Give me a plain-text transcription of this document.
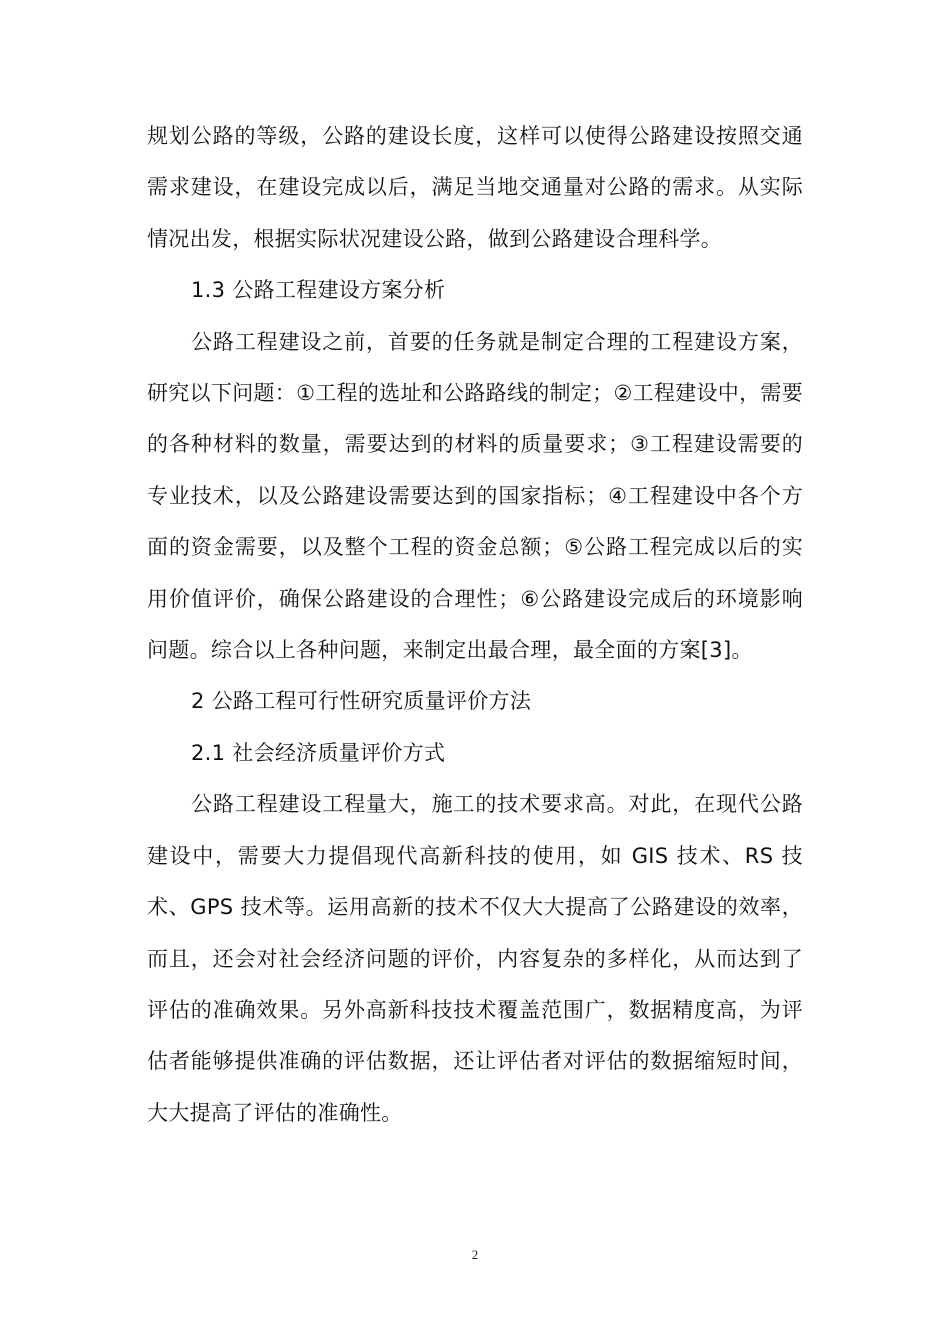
规划公路的等级，公路的建设长度，这样可以使得公路建设按照交通需求建设，在建设完成以后，满足当地交通量对公路的需求。从实际情况出发，根据实际状况建设公路，做到公路建设合理科学。

1.3 公路工程建设方案分析

公路工程建设之前，首要的任务就是制定合理的工程建设方案，研究以下问题：①工程的选址和公路路线的制定；②工程建设中，需要的各种材料的数量，需要达到的材料的质量要求；③工程建设需要的专业技术，以及公路建设需要达到的国家指标；④工程建设中各个方面的资金需要，以及整个工程的资金总额；⑤公路工程完成以后的实用价值评价，确保公路建设的合理性；⑥公路建设完成后的环境影响问题。综合以上各种问题，来制定出最合理，最全面的方案[3]。

2 公路工程可行性研究质量评价方法

2.1 社会经济质量评价方式

公路工程建设工程量大，施工的技术要求高。对此，在现代公路建设中，需要大力提倡现代高新科技的使用，如 GIS 技术、RS 技术、GPS 技术等。运用高新的技术不仅大大提高了公路建设的效率，而且，还会对社会经济问题的评价，内容复杂的多样化，从而达到了评估的准确效果。另外高新科技技术覆盖范围广，数据精度高，为评估者能够提供准确的评估数据，还让评估者对评估的数据缩短时间，大大提高了评估的准确性。

2
